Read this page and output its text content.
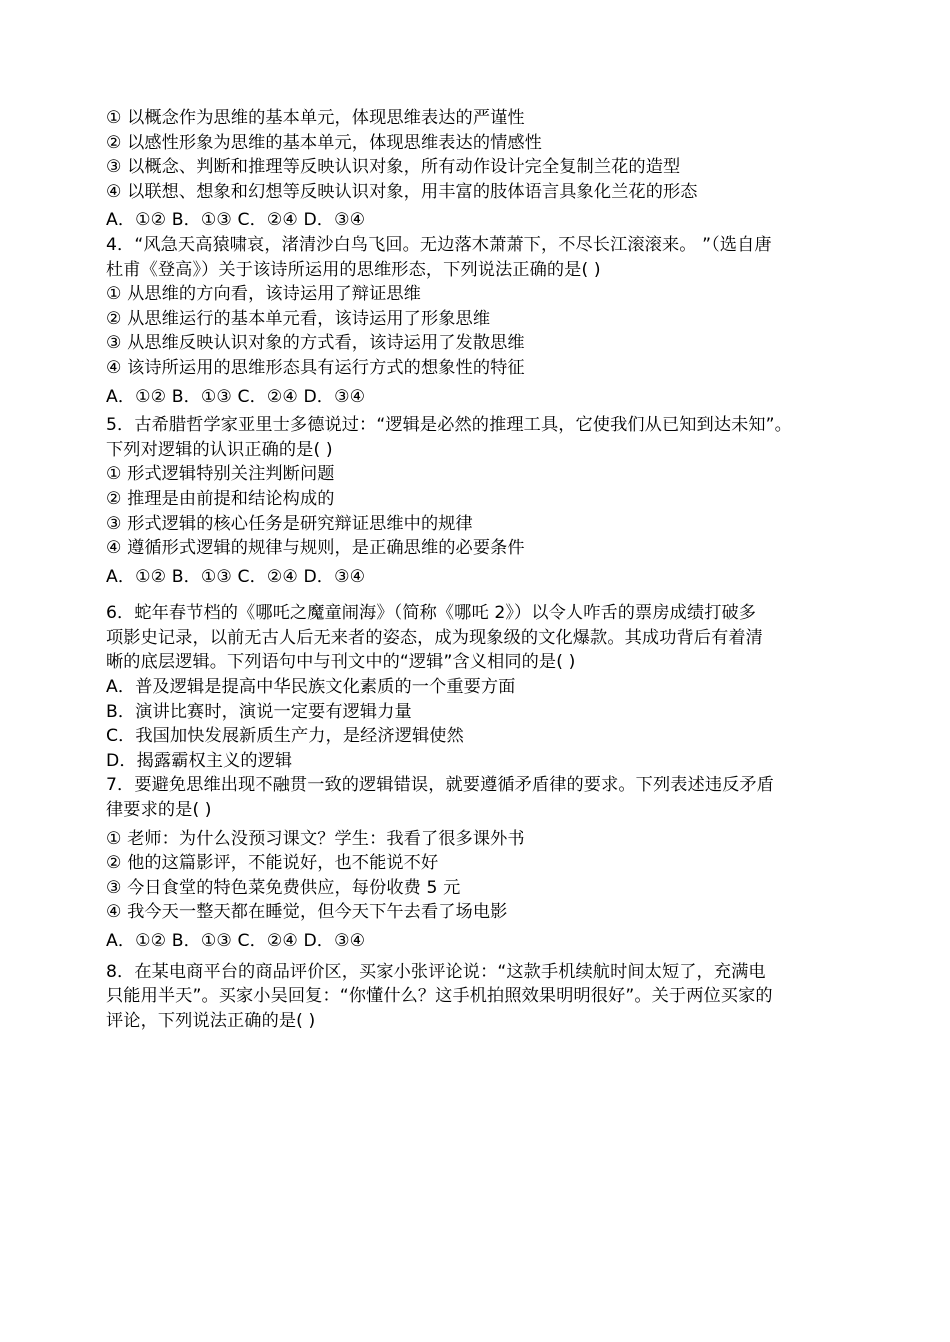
① 以概念作为思维的基本单元，体现思维表达的严谨性
② 以感性形象为思维的基本单元，体现思维表达的情感性
③ 以概念、判断和推理等反映认识对象，所有动作设计完全复制兰花的造型
④ 以联想、想象和幻想等反映认识对象，用丰富的肢体语言具象化兰花的形态
A．①② B．①③ C．②④ D．③④
4．“风急天高猿啸哀，渚清沙白鸟飞回。无边落木萧萧下，不尽长江滚滚来。 ”（选自唐
杜甫《登高》）关于该诗所运用的思维形态，下列说法正确的是( )
① 从思维的方向看，该诗运用了辩证思维
② 从思维运行的基本单元看，该诗运用了形象思维
③ 从思维反映认识对象的方式看，该诗运用了发散思维
④ 该诗所运用的思维形态具有运行方式的想象性的特征
A．①② B．①③ C．②④ D．③④
5．古希腊哲学家亚里士多德说过：“逻辑是必然的推理工具，它使我们从已知到达未知”。
下列对逻辑的认识正确的是( )
① 形式逻辑特别关注判断问题
② 推理是由前提和结论构成的
③ 形式逻辑的核心任务是研究辩证思维中的规律
④ 遵循形式逻辑的规律与规则，是正确思维的必要条件
A．①② B．①③ C．②④ D．③④
6．蛇年春节档的《哪吒之魔童闹海》（简称《哪吒 2》）以令人咋舌的票房成绩打破多
项影史记录，以前无古人后无来者的姿态，成为现象级的文化爆款。其成功背后有着清
晰的底层逻辑。下列语句中与刊文中的“逻辑”含义相同的是( )
A．普及逻辑是提高中华民族文化素质的一个重要方面
B．演讲比赛时，演说一定要有逻辑力量
C．我国加快发展新质生产力，是经济逻辑使然
D．揭露霸权主义的逻辑
7．要避免思维出现不融贯一致的逻辑错误，就要遵循矛盾律的要求。下列表述违反矛盾
律要求的是( )
① 老师：为什么没预习课文？学生：我看了很多课外书
② 他的这篇影评，不能说好，也不能说不好
③ 今日食堂的特色菜免费供应，每份收费 5 元
④ 我今天一整天都在睡觉，但今天下午去看了场电影
A．①② B．①③ C．②④ D．③④
8．在某电商平台的商品评价区，买家小张评论说：“这款手机续航时间太短了，充满电
只能用半天”。买家小吴回复：“你懂什么？这手机拍照效果明明很好”。关于两位买家的
评论，下列说法正确的是( )
